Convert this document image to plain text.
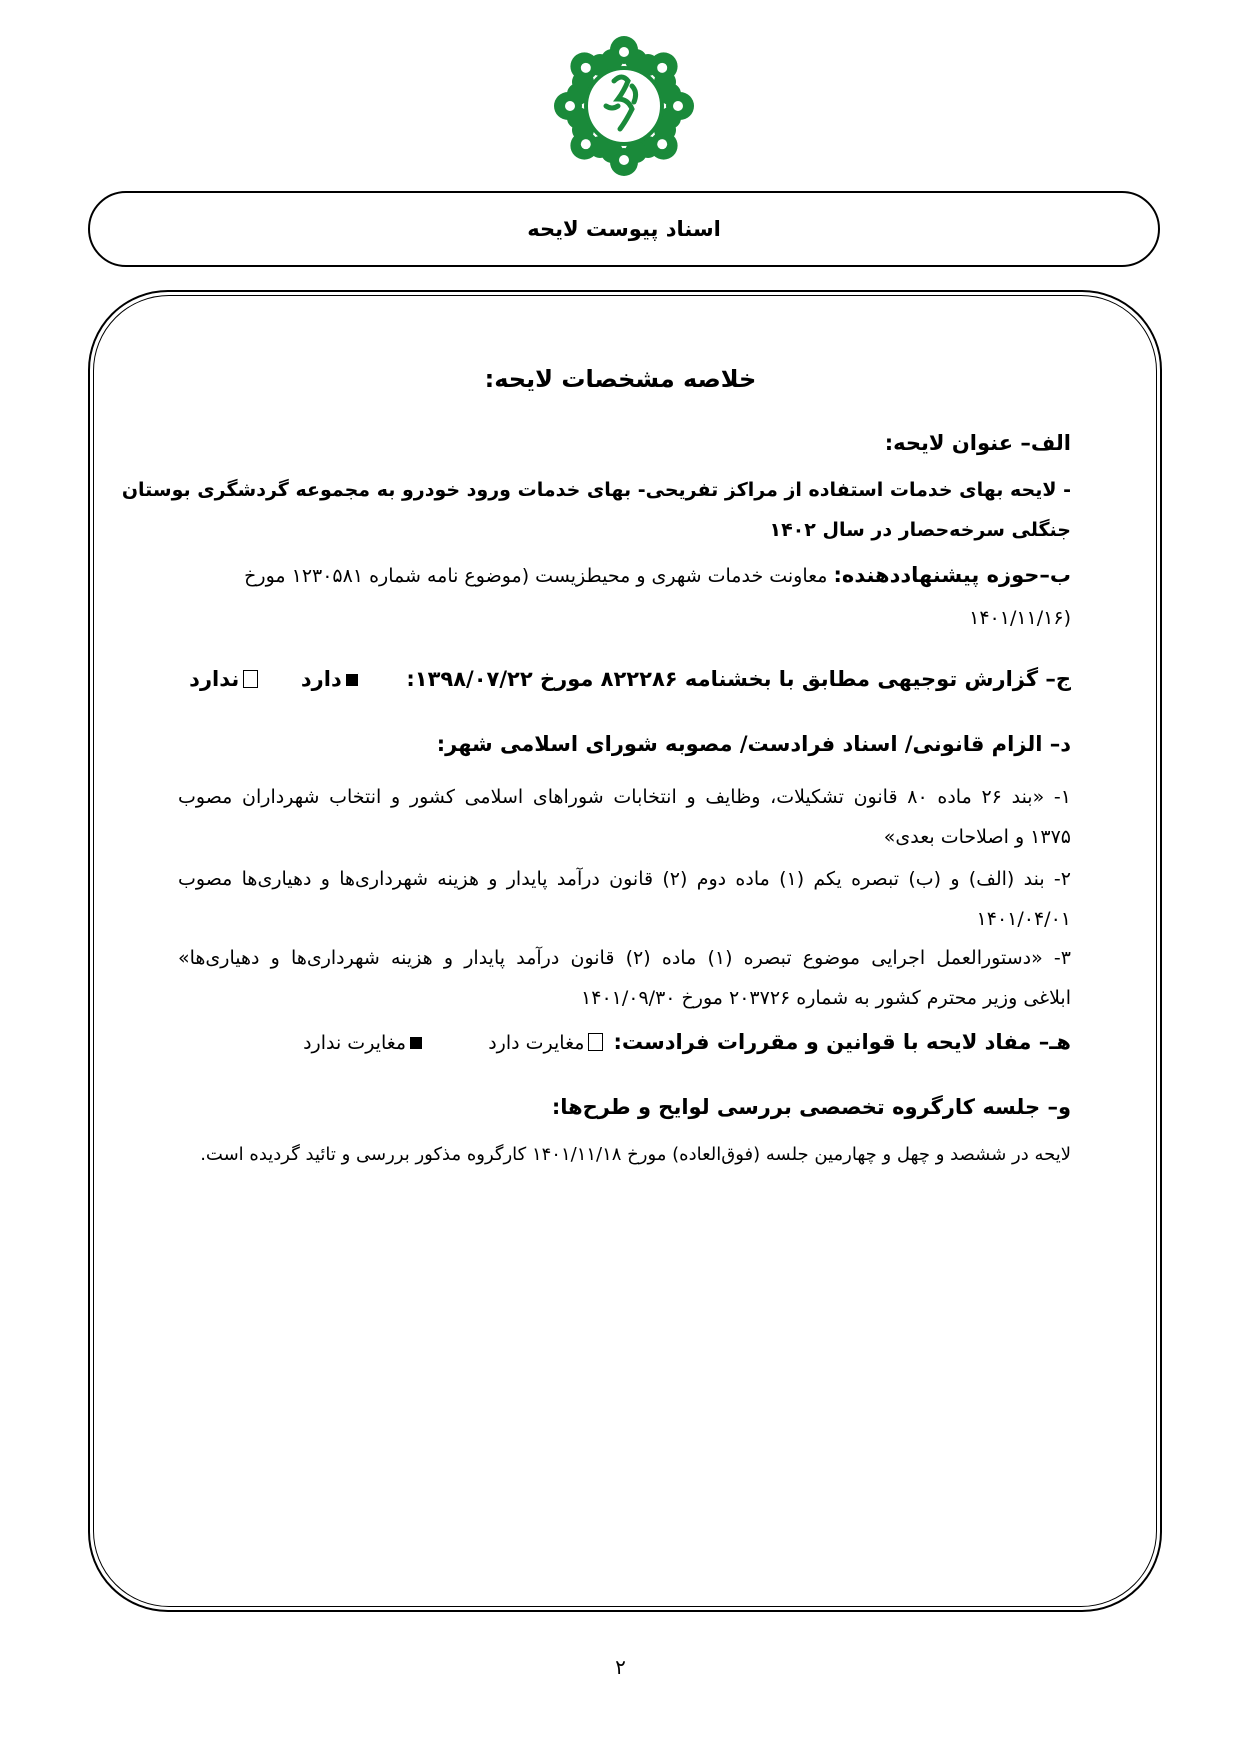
اسناد پیوست لایحه
خلاصه مشخصات لایحه:
الف– عنوان لایحه:
- لایحه بهای خدمات استفاده از مراکز تفریحی- بهای خدمات ورود خودرو به مجموعه گردشگری بوستان
جنگلی سرخه‌حصار در سال ۱۴۰۲
ب–حوزه پیشنهاددهنده: معاونت خدمات شهری و محیطزیست (موضوع نامه شماره ۱۲۳۰۵۸۱ مورخ
(۱۴۰۱/۱۱/۱۶
ج– گزارش توجیهی مطابق با بخشنامه ۸۲۲۲۸۶ مورخ ۱۳۹۸/۰۷/۲۲:  دارد  ندارد
د– الزام قانونی/ اسناد فرادست/ مصوبه شورای اسلامی شهر:
۱- «بند ۲۶ ماده ۸۰ قانون تشکیلات، وظایف و انتخابات شوراهای اسلامی کشور و انتخاب شهرداران مصوب
۱۳۷۵ و اصلاحات بعدی»
۲- بند (الف) و (ب) تبصره یکم (۱) ماده دوم (۲) قانون درآمد پایدار و هزینه شهرداری‌ها و دهیاری‌ها مصوب
۱۴۰۱/۰۴/۰۱
۳- «دستورالعمل اجرایی موضوع تبصره (۱) ماده (۲) قانون درآمد پایدار و هزینه شهرداری‌ها و دهیاری‌ها»
ابلاغی وزیر محترم کشور به شماره ۲۰۳۷۲۶ مورخ ۱۴۰۱/۰۹/۳۰
هـ– مفاد لایحه با قوانین و مقررات فرادست: مغایرت دارد  مغایرت ندارد
و– جلسه کارگروه تخصصی بررسی لوایح و طرح‌ها:
لایحه در ششصد و چهل و چهارمین جلسه (فوق‌العاده) مورخ ۱۴۰۱/۱۱/۱۸ کارگروه مذکور بررسی و تائید گردیده است.
۲
